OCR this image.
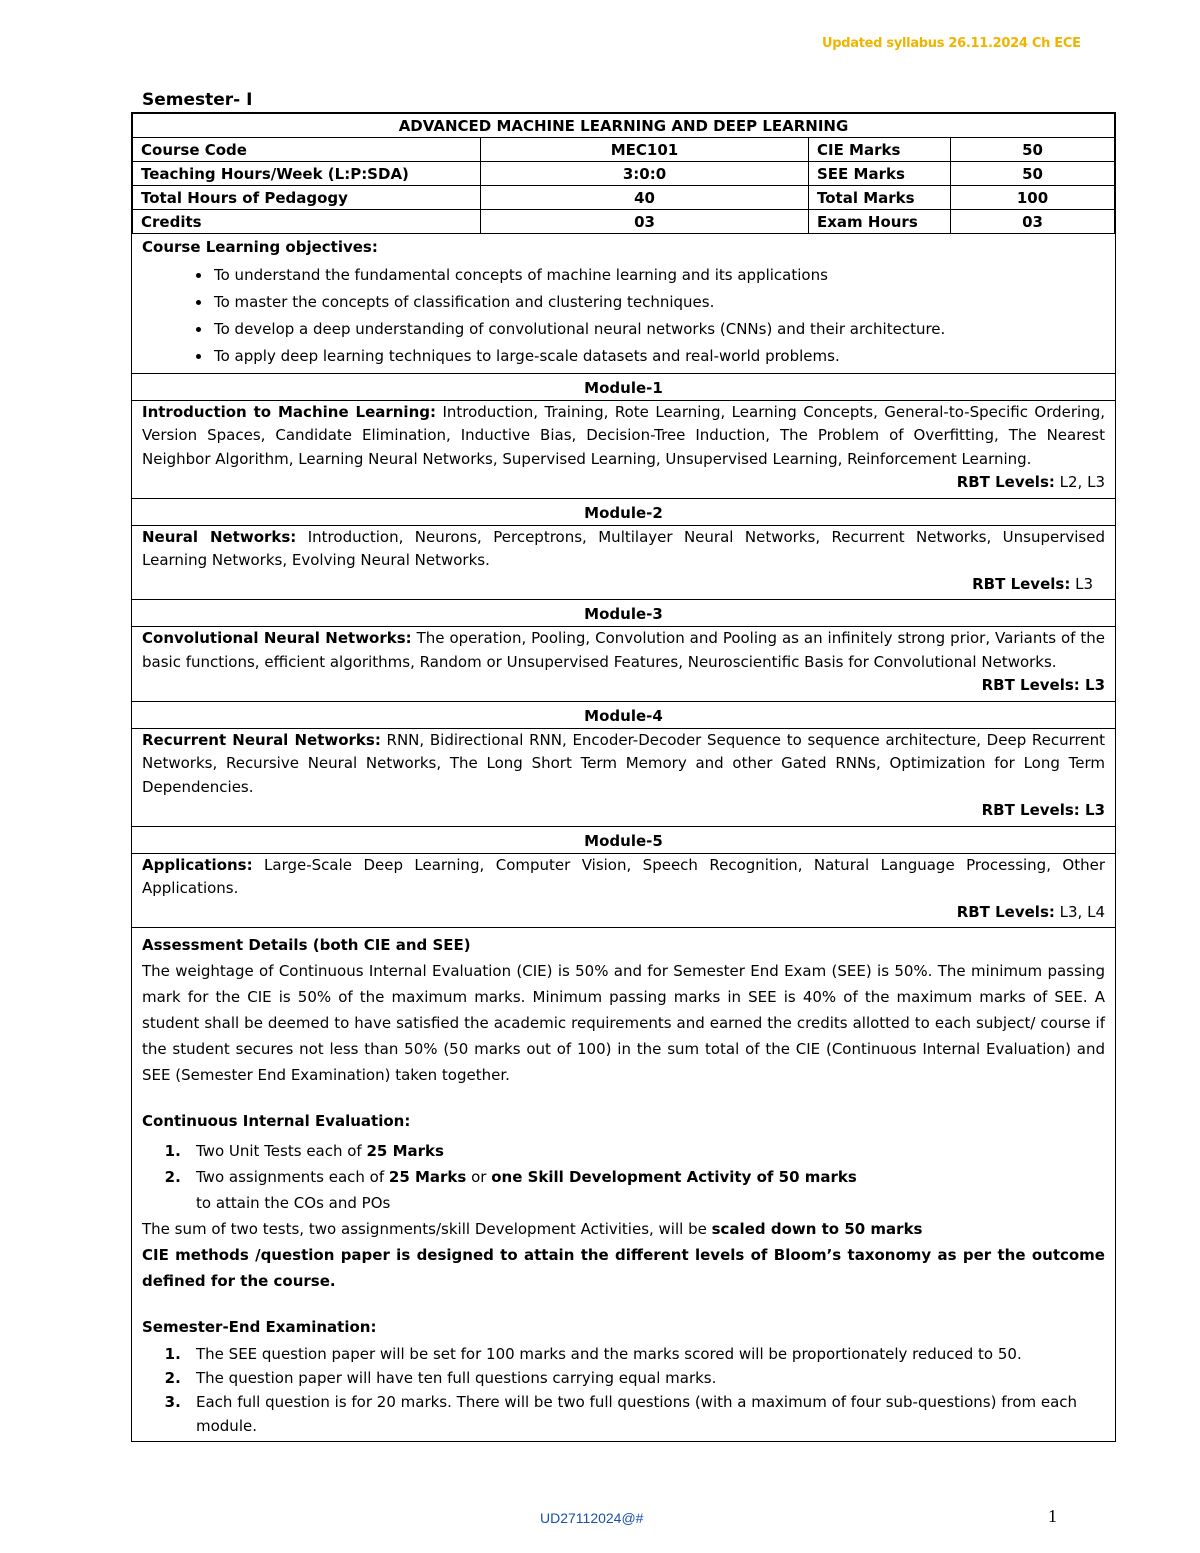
Updated syllabus 26.11.2024 Ch ECE
Semester- I
ADVANCED MACHINE LEARNING AND DEEP LEARNING			
Course Code	MEC101	CIE Marks	50
Teaching Hours/Week (L:P:SDA)	3:0:0	SEE Marks	50
Total Hours of Pedagogy	40	Total Marks	100
Credits	03	Exam Hours	03
Course Learning objectives:
• To understand the fundamental concepts of machine learning and its applications
• To master the concepts of classification and clustering techniques.
• To develop a deep understanding of convolutional neural networks (CNNs) and their architecture.
• To apply deep learning techniques to large-scale datasets and real-world problems.
Module-1
Introduction to Machine Learning: Introduction, Training, Rote Learning, Learning Concepts, General-to-Specific Ordering, Version Spaces, Candidate Elimination, Inductive Bias, Decision-Tree Induction, The Problem of Overfitting, The Nearest Neighbor Algorithm, Learning Neural Networks, Supervised Learning, Unsupervised Learning, Reinforcement Learning.
RBT Levels: L2, L3
Module-2
Neural Networks: Introduction, Neurons, Perceptrons, Multilayer Neural Networks, Recurrent Networks, Unsupervised Learning Networks, Evolving Neural Networks.
RBT Levels: L3
Module-3
Convolutional Neural Networks: The operation, Pooling, Convolution and Pooling as an infinitely strong prior, Variants of the basic functions, efficient algorithms, Random or Unsupervised Features, Neuroscientific Basis for Convolutional Networks.
RBT Levels: L3
Module-4
Recurrent Neural Networks: RNN, Bidirectional RNN, Encoder-Decoder Sequence to sequence architecture, Deep Recurrent Networks, Recursive Neural Networks, The Long Short Term Memory and other Gated RNNs, Optimization for Long Term Dependencies.
RBT Levels: L3
Module-5
Applications: Large-Scale Deep Learning, Computer Vision, Speech Recognition, Natural Language Processing, Other Applications.
RBT Levels: L3, L4
Assessment Details (both CIE and SEE)
The weightage of Continuous Internal Evaluation (CIE) is 50% and for Semester End Exam (SEE) is 50%. The minimum passing mark for the CIE is 50% of the maximum marks. Minimum passing marks in SEE is 40% of the maximum marks of SEE. A student shall be deemed to have satisfied the academic requirements and earned the credits allotted to each subject/ course if the student secures not less than 50% (50 marks out of 100) in the sum total of the CIE (Continuous Internal Evaluation) and SEE (Semester End Examination) taken together.
Continuous Internal Evaluation:
1. Two Unit Tests each of 25 Marks
2. Two assignments each of 25 Marks or one Skill Development Activity of 50 marks
to attain the COs and POs
The sum of two tests, two assignments/skill Development Activities, will be scaled down to 50 marks
CIE methods /question paper is designed to attain the different levels of Bloom’s taxonomy as per the outcome defined for the course.
Semester-End Examination:
1. The SEE question paper will be set for 100 marks and the marks scored will be proportionately reduced to 50.
2. The question paper will have ten full questions carrying equal marks.
3. Each full question is for 20 marks. There will be two full questions (with a maximum of four sub-questions) from each module.
UD27112024@#	1
